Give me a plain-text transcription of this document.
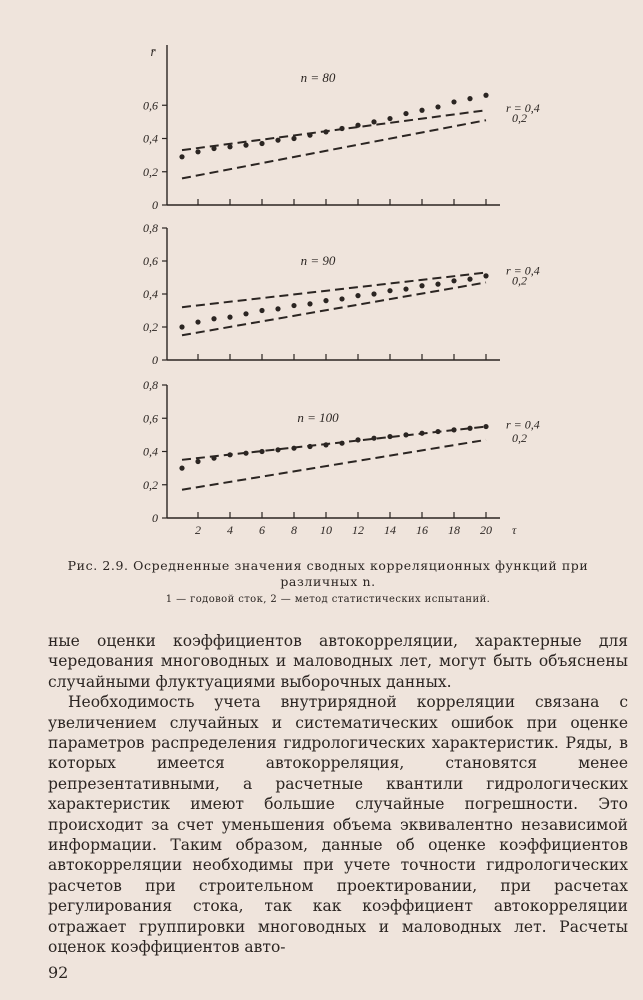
0
0,2
0,4
0,6
n = 80
r = 0,4
0,2
0
0,2
0,4
0,6
0,8
n = 90
r = 0,4
0,2
0
0,2
0,4
0,6
0,8
2 4 6 8 10 12 14 16 18 20
n = 100	r = 0,4
0,2
r̄
τ
Рис. 2.9. Осредненные значения сводных корреляционных функций при различных n.
1 — годовой сток, 2 — метод статистических испытаний.

ные оценки коэффициентов автокорреляции, характерные для чередования многоводных и маловодных лет, могут быть объяснены случайными флуктуациями выборочных данных.

Необходимость учета внутрирядной корреляции связана с увеличением случайных и систематических ошибок при оценке параметров распределения гидрологических характеристик. Ряды, в которых имеется автокорреляция, становятся менее репрезентативными, а расчетные квантили гидрологических характеристик имеют большие случайные погрешности. Это происходит за счет уменьшения объема эквивалентно независимой информации. Таким образом, данные об оценке коэффициентов автокорреляции необходимы при учете точности гидрологических расчетов при строительном проектировании, при расчетах регулирования стока, так как коэффициент автокорреляции отражает группировки многоводных и маловодных лет. Расчеты оценок коэффициентов авто-

92
